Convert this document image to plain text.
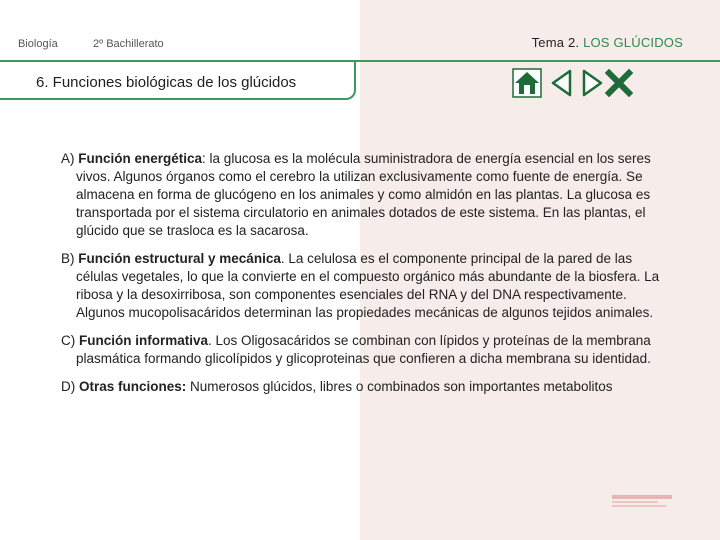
Biología	2º Bachillerato	Tema 2. LOS GLÚCIDOS
6. Funciones biológicas de los glúcidos

A) Función energética: la glucosa es la molécula suministradora de energía esencial en los seres vivos. Algunos órganos como el cerebro la utilizan exclusivamente como fuente de energía. Se almacena en forma de glucógeno en los animales y como almidón en las plantas. La glucosa es transportada por el sistema circulatorio en animales dotados de este sistema. En las plantas, el glúcido que se trasloca es la sacarosa.

B) Función estructural y mecánica. La celulosa es el componente principal de la pared de las células vegetales, lo que la convierte en el compuesto orgánico más abundante de la biosfera. La ribosa y la desoxirribosa, son componentes esenciales del RNA y del DNA respectivamente. Algunos mucopolisacáridos determinan las propiedades mecánicas de algunos tejidos animales.

C) Función informativa. Los Oligosacáridos se combinan con lípidos y proteínas de la membrana plasmática formando glicolípidos y glicoproteinas que confieren a dicha membrana su identidad.

D) Otras funciones: Numerosos glúcidos, libres o combinados son importantes metabolitos
